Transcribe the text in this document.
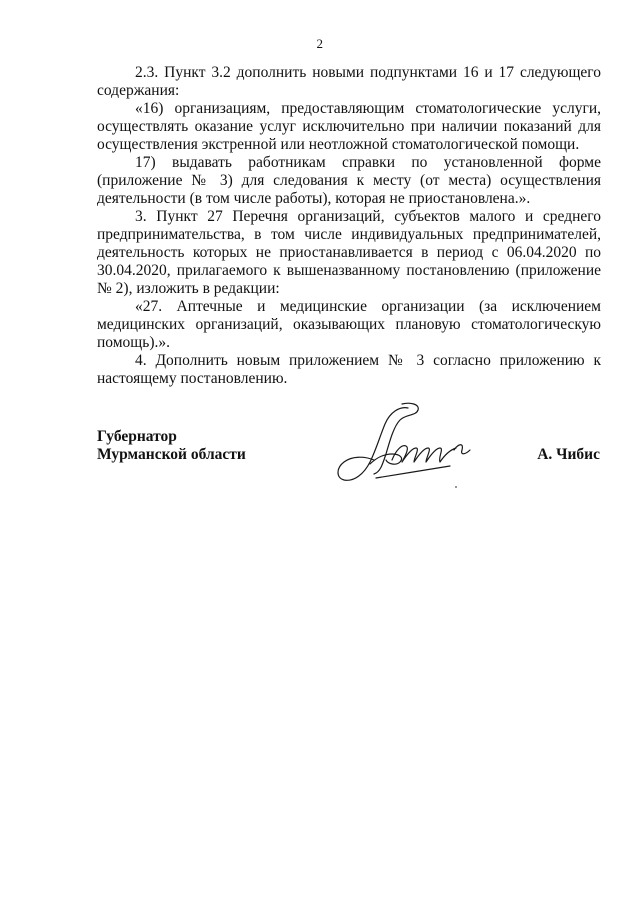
2

2.3. Пункт 3.2 дополнить новыми подпунктами 16 и 17 следующего содержания:

«16) организациям, предоставляющим стоматологические услуги, осуществлять оказание услуг исключительно при наличии показаний для осуществления экстренной или неотложной стоматологической помощи.

17) выдавать работникам справки по установленной форме (приложение № 3) для следования к месту (от места) осуществления деятельности (в том числе работы), которая не приостановлена.».

3. Пункт 27 Перечня организаций, субъектов малого и среднего предпринимательства, в том числе индивидуальных предпринимателей, деятельность которых не приостанавливается в период с 06.04.2020 по 30.04.2020, прилагаемого к вышеназванному постановлению (приложение № 2), изложить в редакции:

«27. Аптечные и медицинские организации (за исключением медицинских организаций, оказывающих плановую стоматологическую помощь).».

4. Дополнить новым приложением № 3 согласно приложению к настоящему постановлению.

Губернатор
Мурманской области	А. Чибис
